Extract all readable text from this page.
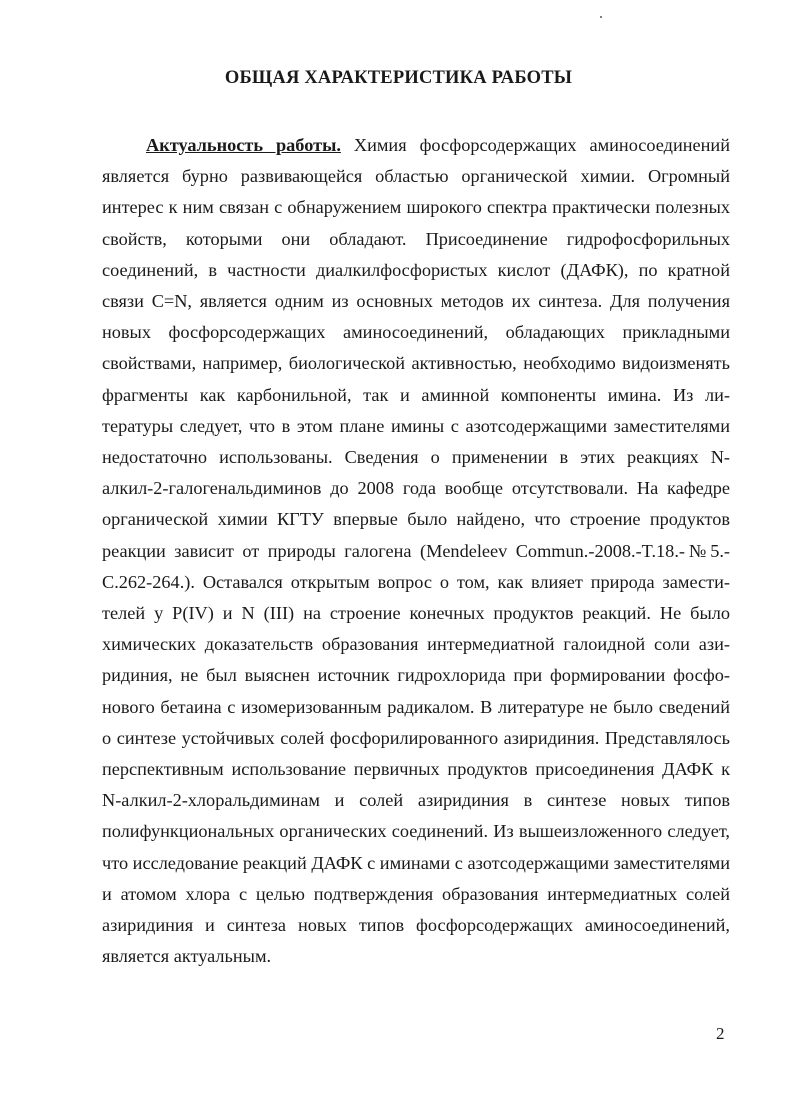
ОБЩАЯ ХАРАКТЕРИСТИКА РАБОТЫ

Актуальность работы. Химия фосфорсодержащих аминосоединений является бурно развивающейся областью органической химии. Огромный интерес к ним связан с обнаружением широкого спектра практически полезных свойств, которыми они обладают. Присоединение гидрофосфорильных соединений, в частности диалкилфосфористых кислот (ДАФК), по кратной связи C=N, является одним из основных методов их синтеза. Для получения новых фосфорсодержащих аминосоединений, обладающих прикладными свойствами, например, биологической активностью, необходимо видоизменять фрагменты как карбонильной, так и аминной компоненты имина. Из литературы следует, что в этом плане имины с азотсодержащими заместителями недостаточно использованы. Сведения о применении в этих реакциях N-алкил-2-галогенальдиминов до 2008 года вообще отсутствовали. На кафедре органической химии КГТУ впервые было найдено, что строение продуктов реакции зависит от природы галогена (Mendeleev Commun.-2008.-T.18.-№5.-C.262-264.). Оставался открытым вопрос о том, как влияет природа заместителей у P(IV) и N (III) на строение конечных продуктов реакций. Не было химических доказательств образования интермедиатной галоидной соли азиридиния, не был выяснен источник гидрохлорида при формировании фосфонового бетаина с изомеризованным радикалом. В литературе не было сведений о синтезе устойчивых солей фосфорилированного азиридиния. Представлялось перспективным использование первичных продуктов присоединения ДАФК к N-алкил-2-хлоральдиминам и солей азиридиния в синтезе новых типов полифункциональных органических соединений. Из вышеизложенного следует, что исследование реакций ДАФК с иминами с азотсодержащими заместителями и атомом хлора с целью подтверждения образования интермедиатных солей азиридиния и синтеза новых типов фосфорсодержащих аминосоединений, является актуальным.

2
